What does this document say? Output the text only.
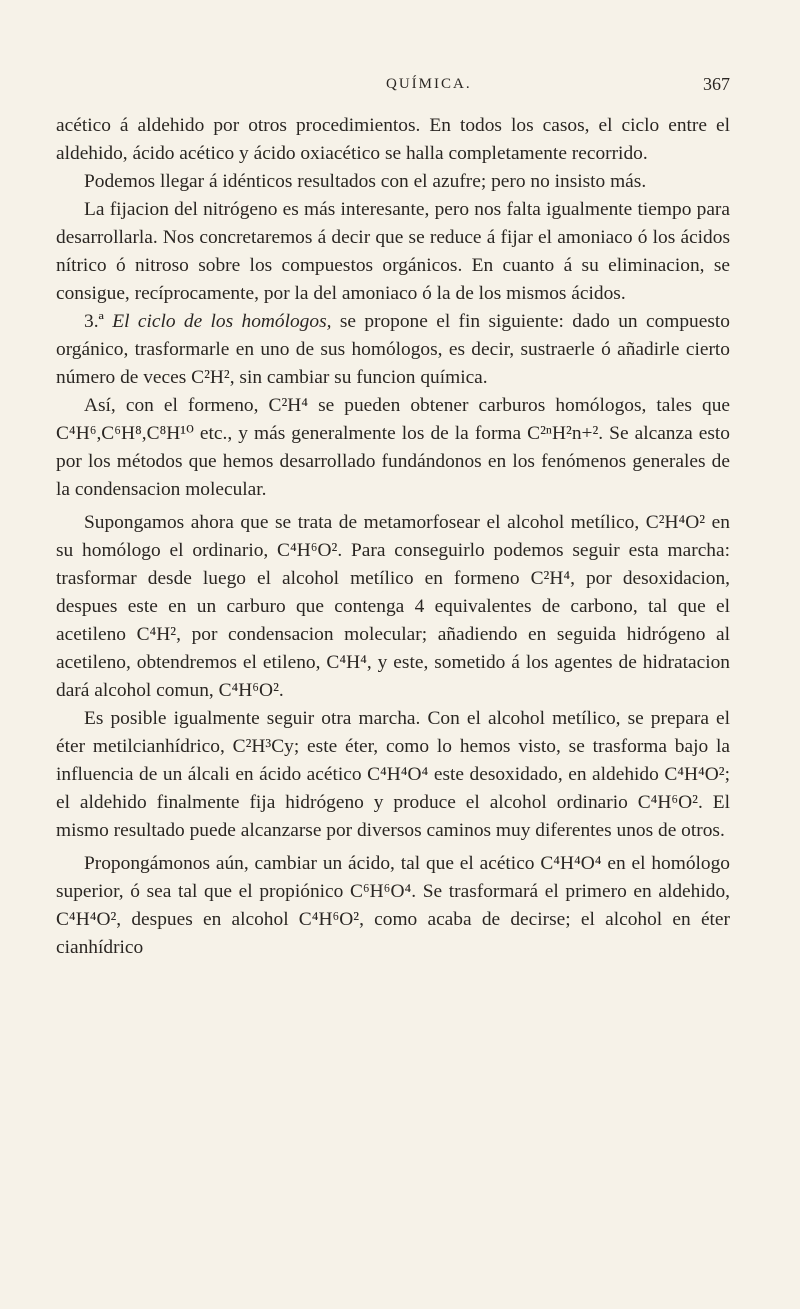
QUÍMICA.	367

acético á aldehido por otros procedimientos. En todos los casos, el ciclo entre el aldehido, ácido acético y ácido oxiacético se halla completamente recorrido.

Podemos llegar á idénticos resultados con el azufre; pero no insisto más.

La fijacion del nitrógeno es más interesante, pero nos falta igualmente tiempo para desarrollarla. Nos concretaremos á decir que se reduce á fijar el amoniaco ó los ácidos nítrico ó nitroso sobre los compuestos orgánicos. En cuanto á su eliminacion, se consigue, recíprocamente, por la del amoniaco ó la de los mismos ácidos.

3.ª El ciclo de los homólogos, se propone el fin siguiente: dado un compuesto orgánico, trasformarle en uno de sus homólogos, es decir, sustraerle ó añadirle cierto número de veces C²H², sin cambiar su funcion química.

Así, con el formeno, C²H⁴ se pueden obtener carburos homólogos, tales que C⁴H⁶,C⁶H⁸,C⁸H¹⁰ etc., y más generalmente los de la forma C²ⁿH²n+². Se alcanza esto por los métodos que hemos desarrollado fundándonos en los fenómenos generales de la condensacion molecular.

Supongamos ahora que se trata de metamorfosear el alcohol metílico, C²H⁴O² en su homólogo el ordinario, C⁴H⁶O². Para conseguirlo podemos seguir esta marcha: trasformar desde luego el alcohol metílico en formeno C²H⁴, por desoxidacion, despues este en un carburo que contenga 4 equivalentes de carbono, tal que el acetileno C⁴H², por condensacion molecular; añadiendo en seguida hidrógeno al acetileno, obtendremos el etileno, C⁴H⁴, y este, sometido á los agentes de hidratacion dará alcohol comun, C⁴H⁶O².

Es posible igualmente seguir otra marcha. Con el alcohol metílico, se prepara el éter metilcianhídrico, C²H³Cy; este éter, como lo hemos visto, se trasforma bajo la influencia de un álcali en ácido acético C⁴H⁴O⁴ este desoxidado, en aldehido C⁴H⁴O²; el aldehido finalmente fija hidrógeno y produce el alcohol ordinario C⁴H⁶O². El mismo resultado puede alcanzarse por diversos caminos muy diferentes unos de otros.

Propongámonos aún, cambiar un ácido, tal que el acético C⁴H⁴O⁴ en el homólogo superior, ó sea tal que el propiónico C⁶H⁶O⁴. Se trasformará el primero en aldehido, C⁴H⁴O², despues en alcohol C⁴H⁶O², como acaba de decirse; el alcohol en éter cianhídrico
